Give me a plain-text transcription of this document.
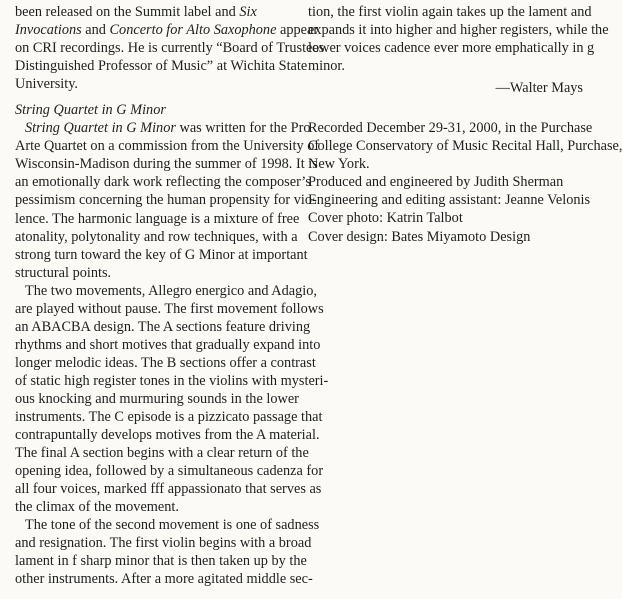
been released on the Summit label and Six
Invocations and Concerto for Alto Saxophone appear
on CRI recordings. He is currently “Board of Trustees
Distinguished Professor of Music” at Wichita State
University.
String Quartet in G Minor
String Quartet in G Minor was written for the Pro
Arte Quartet on a commission from the University of
Wisconsin-Madison during the summer of 1998. It is
an emotionally dark work reflecting the composer’s
pessimism concerning the human propensity for vio-
lence. The harmonic language is a mixture of free
atonality, polytonality and row techniques, with a
strong turn toward the key of G Minor at important
structural points.
The two movements, Allegro energico and Adagio,
are played without pause. The first movement follows
an ABACBA design. The A sections feature driving
rhythms and short motives that gradually expand into
longer melodic ideas. The B sections offer a contrast
of static high register tones in the violins with mysteri-
ous knocking and murmuring sounds in the lower
instruments. The C episode is a pizzicato passage that
contrapuntally develops motives from the A material.
The final A section begins with a clear return of the
opening idea, followed by a simultaneous cadenza for
all four voices, marked fff appassionato that serves as
the climax of the movement.
The tone of the second movement is one of sadness
and resignation. The first violin begins with a broad
lament in f sharp minor that is then taken up by the
other instruments. After a more agitated middle sec-
tion, the first violin again takes up the lament and
expands it into higher and higher registers, while the
lower voices cadence ever more emphatically in g
minor.
—Walter Mays
Recorded December 29-31, 2000, in the Purchase
College Conservatory of Music Recital Hall, Purchase,
New York.
Produced and engineered by Judith Sherman
Engineering and editing assistant: Jeanne Velonis
Cover photo: Katrin Talbot
Cover design: Bates Miyamoto Design
